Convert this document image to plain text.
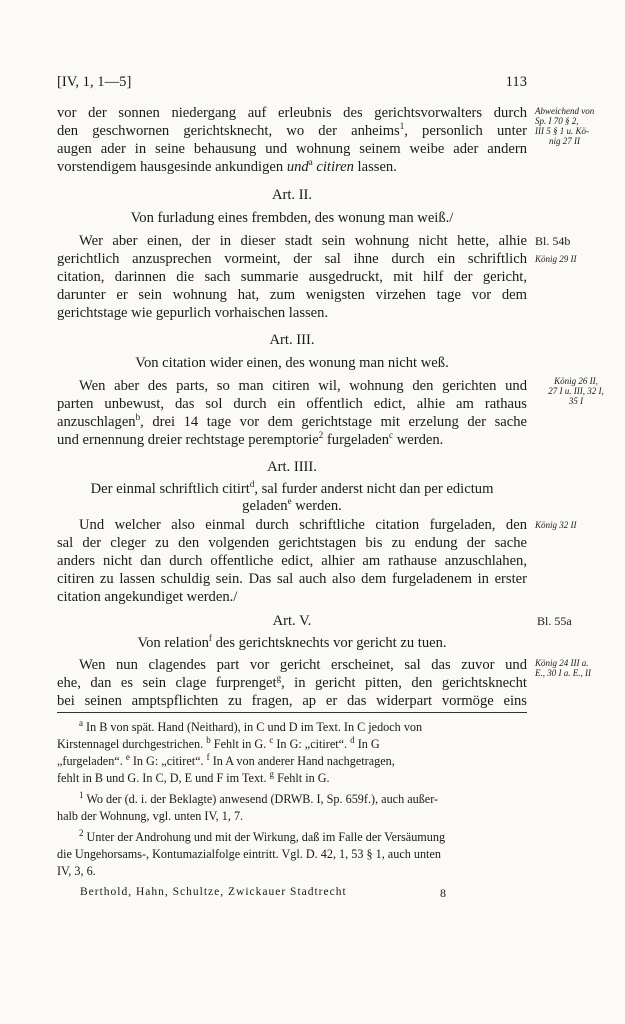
[IV, 1, 1—5]	113
vor der sonnen niedergang auf erleubnis des gerichtsvorwalters durch
den geschwornen gerichtsknecht, wo der anheims$^1$, personlich unter
augen ader in seine behausung und wohnung seinem weibe ader andern
vorstendigem hausgesinde ankundigen und$^a$ citiren lassen.
Art. II.
Von furladung eines frembden, des wonung man weiß./
Wer aber einen, der in dieser stadt sein wohnung nicht hette, alhie
gerichtlich anzusprechen vormeint, der sal ihne durch ein schriftlich
citation, darinnen die sach summarie ausgedruckt, mit hilf der gericht,
darunter er sein wohnung hat, zum wenigsten virzehen tage vor dem
gerichtstage wie gepurlich vorhaischen lassen.
Art. III.
Von citation wider einen, des wonung man nicht weß.
Wen aber des parts, so man citiren wil, wohnung den gerichten und
parten unbewust, das sol durch ein offentlich edict, alhie am rathaus
anzuschlagen$^b$, drei 14 tage vor dem gerichtstage mit erzelung der sache
und ernennung dreier rechtstage peremptorie$^2$ furgeladen$^c$ werden.
Art. IIII.
Der einmal schriftlich citirt$^d$, sal furder anderst nicht dan per edictum
geladen$^e$ werden.
Und welcher also einmal durch schriftliche citation furgeladen, den
sal der cleger zu den volgenden gerichtstagen bis zu endung der sache
anders nicht dan durch offentliche edict, alhier am rathause anzuschlahen,
citiren zu lassen schuldig sein. Das sal auch also dem furgeladenem in erster
citation angekundiget werden./
Art. V.
Von relation$^f$ des gerichtsknechts vor gericht zu tuen.
Wen nun clagendes part vor gericht erscheinet, sal das zuvor und
ehe, dan es sein clage furprenget$^g$, in gericht pitten, den gerichtsknecht
bei seinen amptspflichten zu fragen, ap er das widerpart vormöge eins
Abweichend von
Sp. I 70 § 2,
III 5 § 1 u. Kö-
nig 27 II
Bl. 54b
König 29 II
König 26 II,
27 I u. III, 32 I,
35 I
König 32 II
Bl. 55a
König 24 III a.
E., 30 I a. E., II
$^a$ In B von spät. Hand (Neithard), in C und D im Text. In C jedoch von
Kirstennagel durchgestrichen. $^b$ Fehlt in G. $^c$ In G: „citiret“. $^d$ In G
„furgeladen“. $^e$ In G: „citiret“. $^f$ In A von anderer Hand nachgetragen,
fehlt in B und G. In C, D, E und F im Text. $^g$ Fehlt in G.
$^1$ Wo der (d. i. der Beklagte) anwesend (DRWB. I, Sp. 659f.), auch außer-
halb der Wohnung, vgl. unten IV, 1, 7.
$^2$ Unter der Androhung und mit der Wirkung, daß im Falle der Versäumung
die Ungehorsams-, Kontumazialfolge eintritt. Vgl. D. 42, 1, 53 § 1, auch unten
IV, 3, 6.
Berthold, Hahn, Schultze, Zwickauer Stadtrecht	8
